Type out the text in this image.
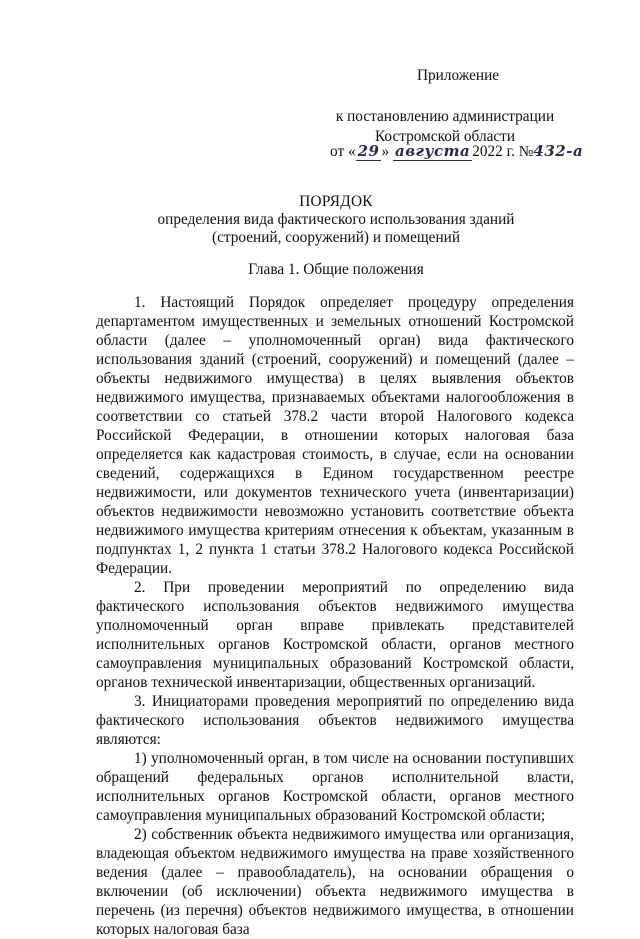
Приложение
к постановлению администрации
Костромской области
от « 29 » августа 2022 г. №432-а
ПОРЯДОК
определения вида фактического использования зданий
(строений, сооружений) и помещений
Глава 1. Общие положения

1. Настоящий Порядок определяет процедуру определения департаментом имущественных и земельных отношений Костромской области (далее – уполномоченный орган) вида фактического использования зданий (строений, сооружений) и помещений (далее – объекты недвижимого имущества) в целях выявления объектов недвижимого имущества, признаваемых объектами налогообложения в соответствии со статьей 378.2 части второй Налогового кодекса Российской Федерации, в отношении которых налоговая база определяется как кадастровая стоимость, в случае, если на основании сведений, содержащихся в Едином государственном реестре недвижимости, или документов технического учета (инвентаризации) объектов недвижимости невозможно установить соответствие объекта недвижимого имущества критериям отнесения к объектам, указанным в подпунктах 1, 2 пункта 1 статьи 378.2 Налогового кодекса Российской Федерации.

2. При проведении мероприятий по определению вида фактического использования объектов недвижимого имущества уполномоченный орган вправе привлекать представителей исполнительных органов Костромской области, органов местного самоуправления муниципальных образований Костромской области, органов технической инвентаризации, общественных организаций.

3. Инициаторами проведения мероприятий по определению вида фактического использования объектов недвижимого имущества являются:

1) уполномоченный орган, в том числе на основании поступивших обращений федеральных органов исполнительной власти, исполнительных органов Костромской области, органов местного самоуправления муниципальных образований Костромской области;

2) собственник объекта недвижимого имущества или организация, владеющая объектом недвижимого имущества на праве хозяйственного ведения (далее – правообладатель), на основании обращения о включении (об исключении) объекта недвижимого имущества в перечень (из перечня) объектов недвижимого имущества, в отношении которых налоговая база
